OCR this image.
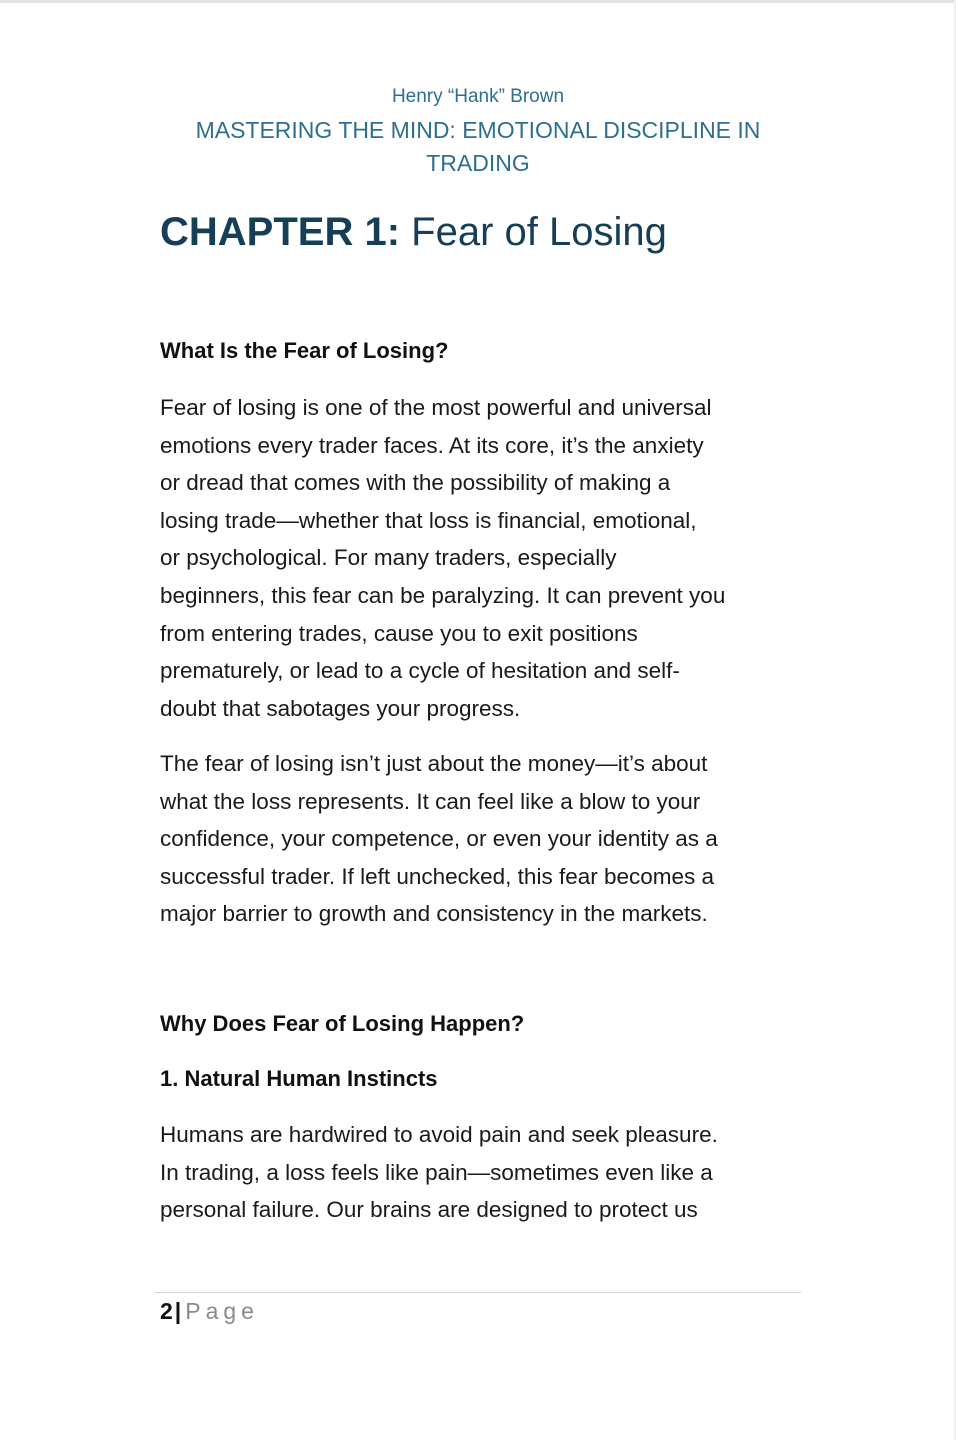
Henry “Hank” Brown
MASTERING THE MIND: EMOTIONAL DISCIPLINE IN
TRADING
CHAPTER 1: Fear of Losing
What Is the Fear of Losing?
Fear of losing is one of the most powerful and universal
emotions every trader faces. At its core, it’s the anxiety
or dread that comes with the possibility of making a
losing trade—whether that loss is financial, emotional,
or psychological. For many traders, especially
beginners, this fear can be paralyzing. It can prevent you
from entering trades, cause you to exit positions
prematurely, or lead to a cycle of hesitation and self-
doubt that sabotages your progress.
The fear of losing isn’t just about the money—it’s about
what the loss represents. It can feel like a blow to your
confidence, your competence, or even your identity as a
successful trader. If left unchecked, this fear becomes a
major barrier to growth and consistency in the markets.
Why Does Fear of Losing Happen?
1. Natural Human Instincts
Humans are hardwired to avoid pain and seek pleasure.
In trading, a loss feels like pain—sometimes even like a
personal failure. Our brains are designed to protect us
2| Page
